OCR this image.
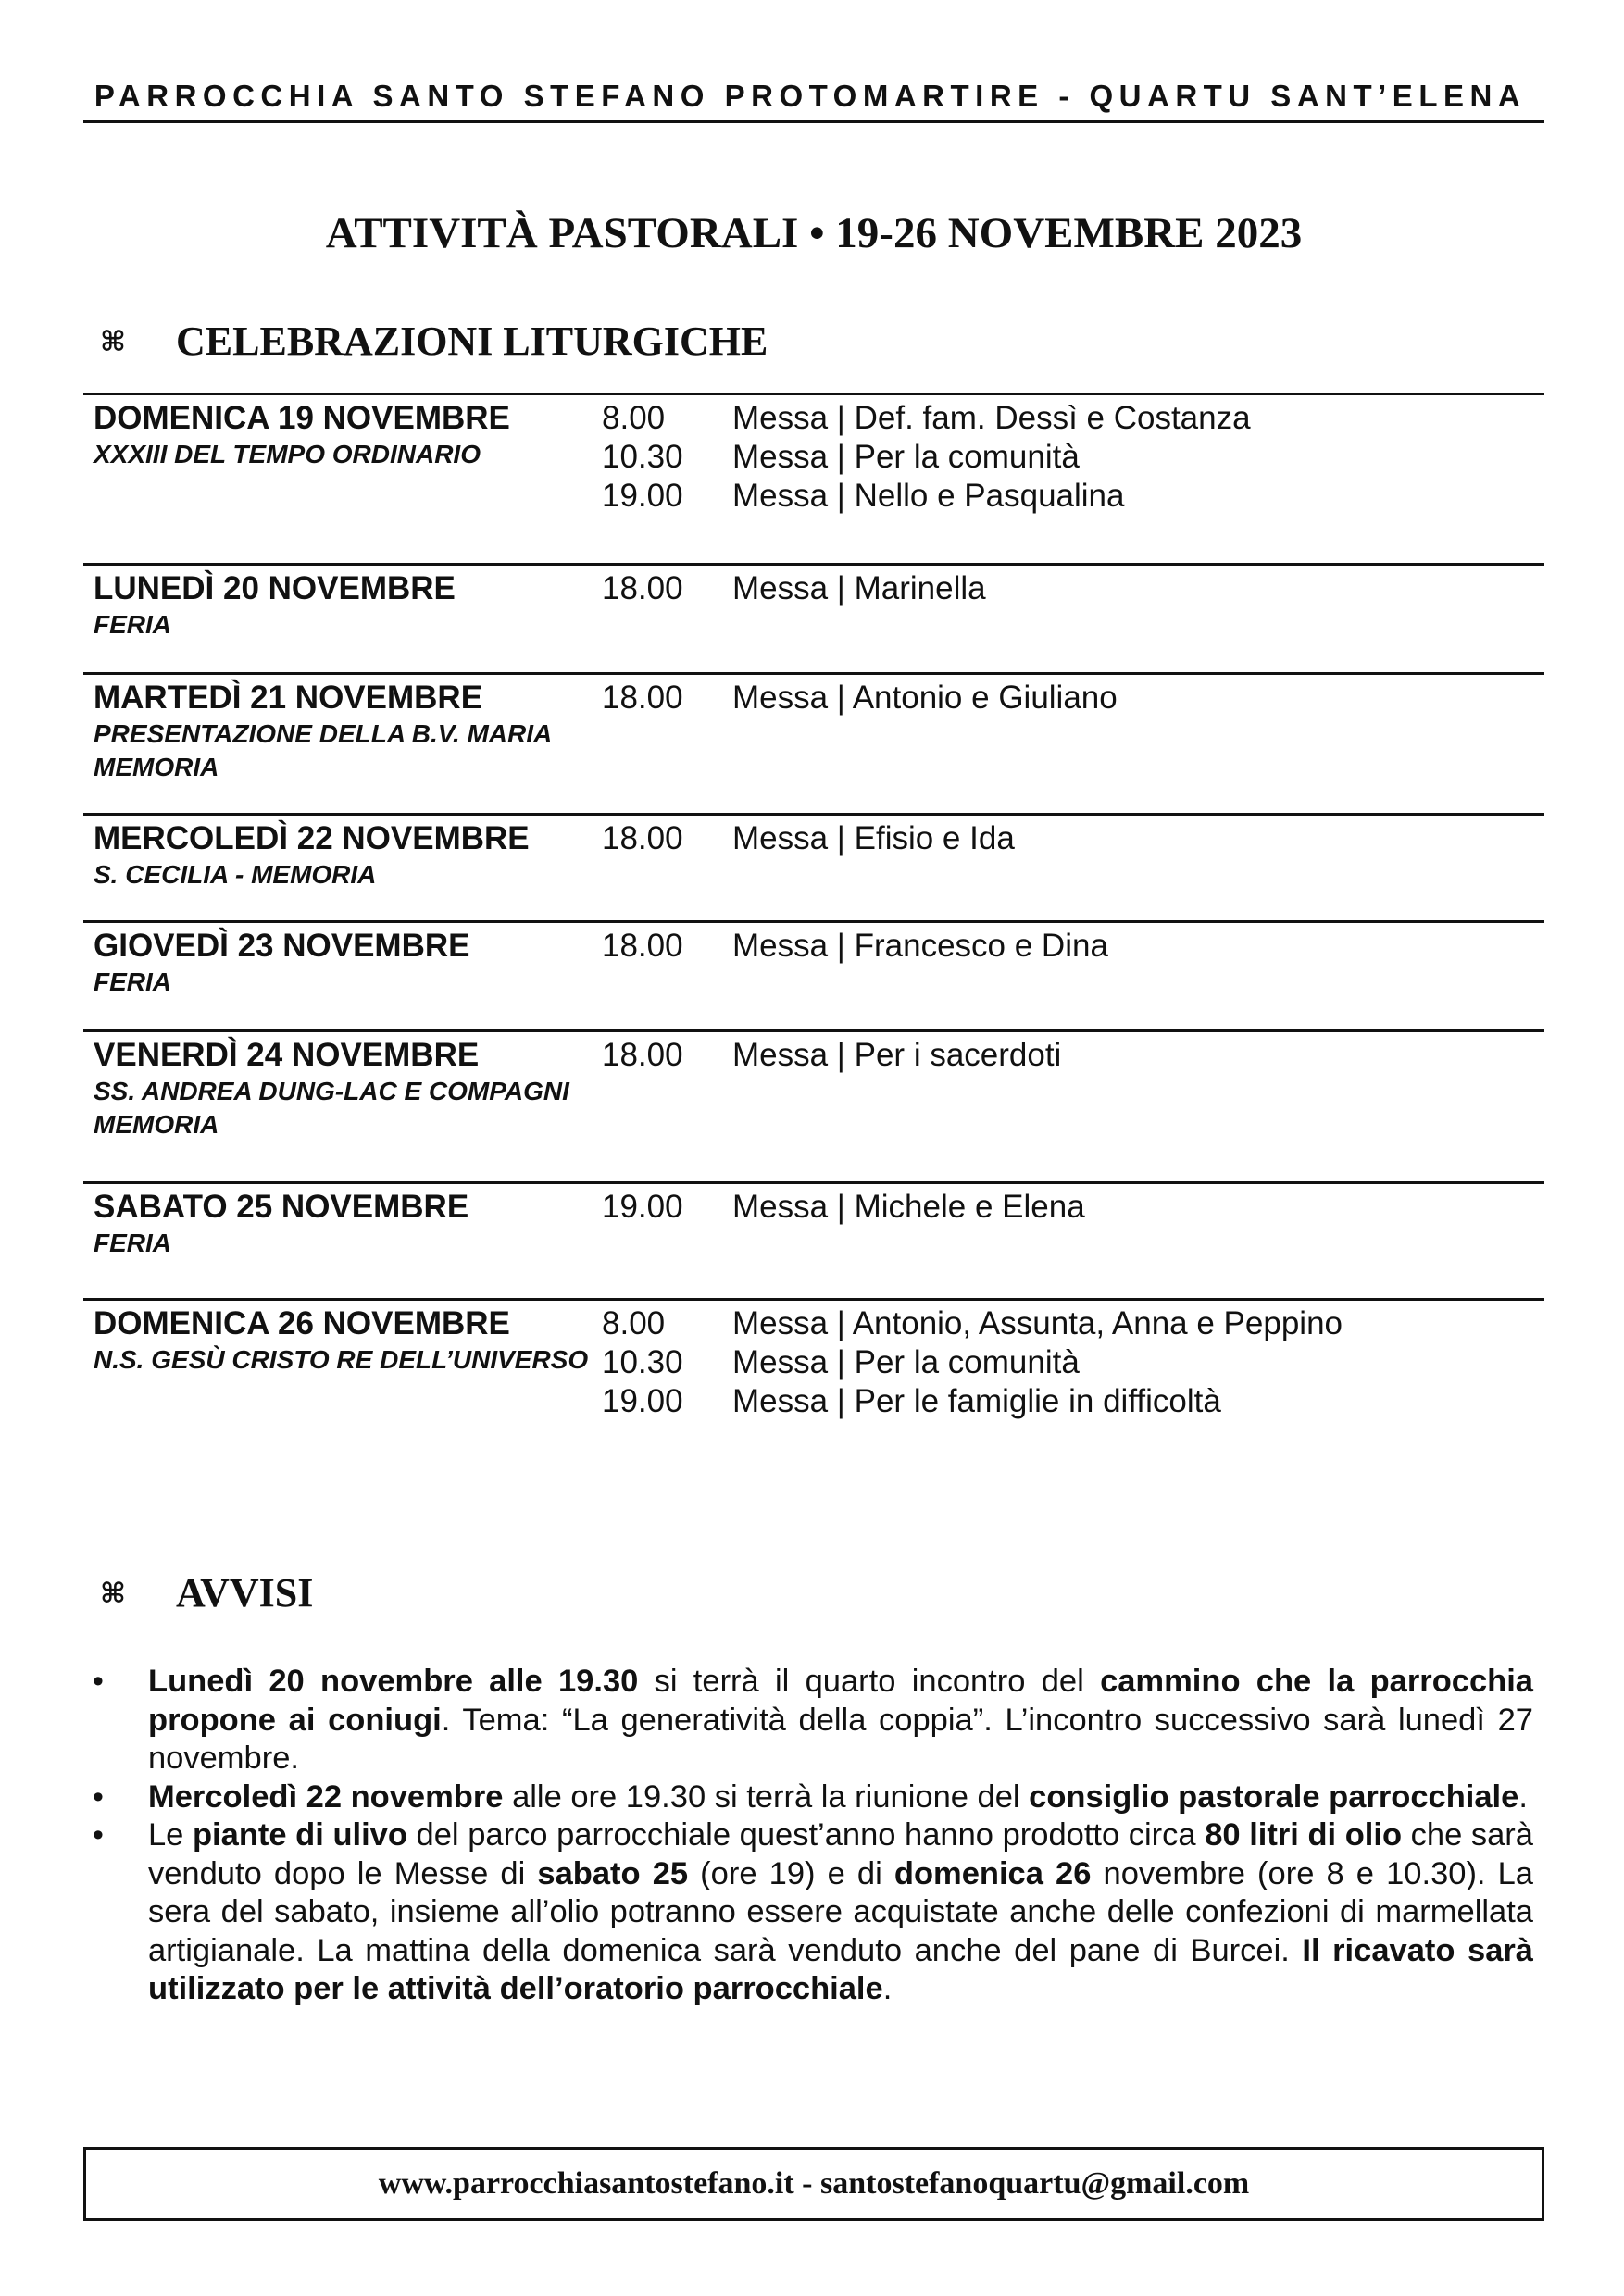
PARROCCHIA SANTO STEFANO PROTOMARTIRE - QUARTU SANT’ELENA
ATTIVITÀ PASTORALI • 19-26 NOVEMBRE 2023
⌘ CELEBRAZIONI LITURGICHE
DOMENICA 19 NOVEMBRE
XXXIII DEL TEMPO ORDINARIO
8.00	Messa | Def. fam. Dessì e Costanza
10.30	Messa | Per la comunità
19.00	Messa | Nello e Pasqualina
LUNEDÌ 20 NOVEMBRE
FERIA
18.00	Messa | Marinella
MARTEDÌ 21 NOVEMBRE
PRESENTAZIONE DELLA B.V. MARIA
MEMORIA
18.00	Messa | Antonio e Giuliano
MERCOLEDÌ 22 NOVEMBRE
S. CECILIA - MEMORIA
18.00	Messa | Efisio e Ida
GIOVEDÌ 23 NOVEMBRE
FERIA
18.00	Messa | Francesco e Dina
VENERDÌ 24 NOVEMBRE
SS. ANDREA DUNG-LAC E COMPAGNI
MEMORIA
18.00	Messa | Per i sacerdoti
SABATO 25 NOVEMBRE
FERIA
19.00	Messa | Michele e Elena
DOMENICA 26 NOVEMBRE
N.S. GESÙ CRISTO RE DELL’UNIVERSO
8.00	Messa | Antonio, Assunta, Anna e Peppino
10.30	Messa | Per la comunità
19.00	Messa | Per le famiglie in difficoltà
⌘ AVVISI

• Lunedì 20 novembre alle 19.30 si terrà il quarto incontro del cammino che la parrocchia propone ai coniugi. Tema: “La generatività della coppia”. L’incontro successivo sarà lunedì 27 novembre.

• Mercoledì 22 novembre alle ore 19.30 si terrà la riunione del consiglio pastorale parrocchiale.

• Le piante di ulivo del parco parrocchiale quest’anno hanno prodotto circa 80 litri di olio che sarà venduto dopo le Messe di sabato 25 (ore 19) e di domenica 26 novembre (ore 8 e 10.30). La sera del sabato, insieme all’olio potranno essere acquistate anche delle confezioni di marmellata artigianale. La mattina della domenica sarà venduto anche del pane di Burcei. Il ricavato sarà utilizzato per le attività dell’oratorio parrocchiale.

www.parrocchiasantostefano.it - santostefanoquartu@gmail.com
